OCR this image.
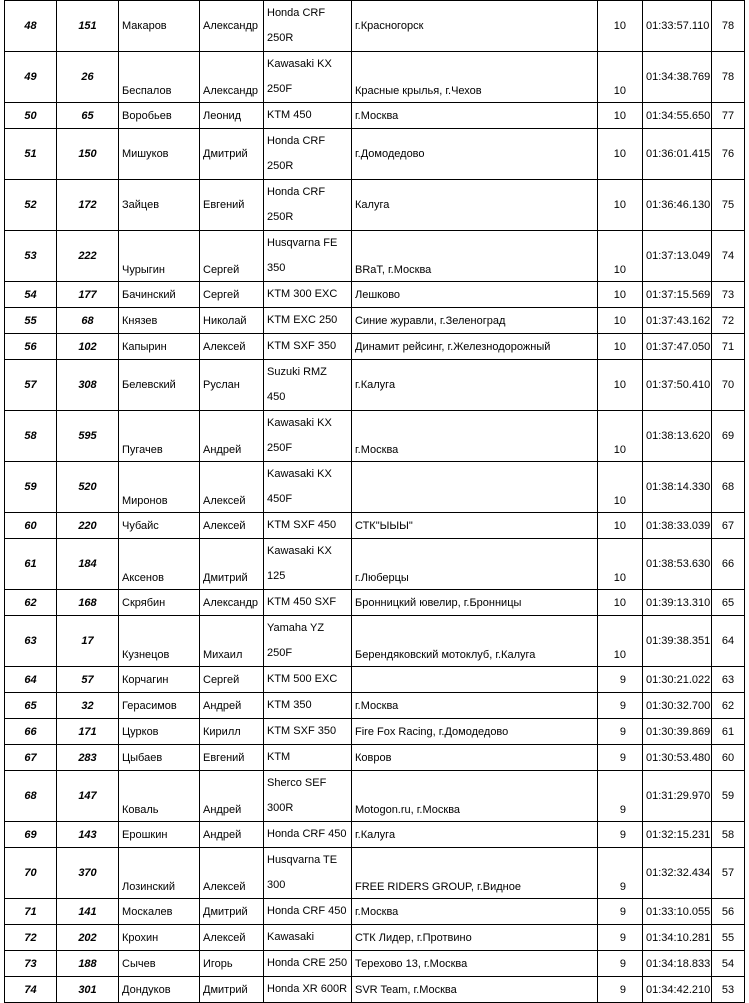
48	151	Макаров	Александр	Honda CRF 250R	г.Красногорск	10	01:33:57.110	78
49	26	Беспалов	Александр	Kawasaki KX 250F	Красные крылья, г.Чехов	10	01:34:38.769	78
50	65	Воробьев	Леонид	KTM 450	г.Москва	10	01:34:55.650	77
51	150	Мишуков	Дмитрий	Honda CRF 250R	г.Домодедово	10	01:36:01.415	76
52	172	Зайцев	Евгений	Honda CRF 250R	Калуга	10	01:36:46.130	75
53	222	Чурыгин	Сергей	Husqvarna FE 350	BRaT, г.Москва	10	01:37:13.049	74
54	177	Бачинский	Сергей	KTM 300 EXC	Лешково	10	01:37:15.569	73
55	68	Князев	Николай	KTM EXC 250	Синие журавли, г.Зеленоград	10	01:37:43.162	72
56	102	Капырин	Алексей	KTM SXF 350	Динамит рейсинг, г.Железнодорожный	10	01:37:47.050	71
57	308	Белевский	Руслан	Suzuki RMZ 450	г.Калуга	10	01:37:50.410	70
58	595	Пугачев	Андрей	Kawasaki KX 250F	г.Москва	10	01:38:13.620	69
59	520	Миронов	Алексей	Kawasaki KX 450F		10	01:38:14.330	68
60	220	Чубайс	Алексей	KTM SXF 450	СТК"ЫЫЫ"	10	01:38:33.039	67
61	184	Аксенов	Дмитрий	Kawasaki KX 125	г.Люберцы	10	01:38:53.630	66
62	168	Скрябин	Александр	KTM 450 SXF	Бронницкий ювелир, г.Бронницы	10	01:39:13.310	65
63	17	Кузнецов	Михаил	Yamaha YZ 250F	Берендяковский мотоклуб, г.Калуга	10	01:39:38.351	64
64	57	Корчагин	Сергей	KTM 500 EXC		9	01:30:21.022	63
65	32	Герасимов	Андрей	KTM 350	г.Москва	9	01:30:32.700	62
66	171	Цурков	Кирилл	KTM SXF 350	Fire Fox Racing, г.Домодедово	9	01:30:39.869	61
67	283	Цыбаев	Евгений	KTM	Ковров	9	01:30:53.480	60
68	147	Коваль	Андрей	Sherco SEF 300R	Motogon.ru, г.Москва	9	01:31:29.970	59
69	143	Ерошкин	Андрей	Honda CRF 450	г.Калуга	9	01:32:15.231	58
70	370	Лозинский	Алексей	Husqvarna TE 300	FREE RIDERS GROUP, г.Видное	9	01:32:32.434	57
71	141	Москалев	Дмитрий	Honda CRF 450	г.Москва	9	01:33:10.055	56
72	202	Крохин	Алексей	Kawasaki	СТК Лидер, г.Протвино	9	01:34:10.281	55
73	188	Сычев	Игорь	Honda CRE 250	Терехово 13, г.Москва	9	01:34:18.833	54
74	301	Дондуков	Дмитрий	Honda XR 600R	SVR Team, г.Москва	9	01:34:42.210	53
